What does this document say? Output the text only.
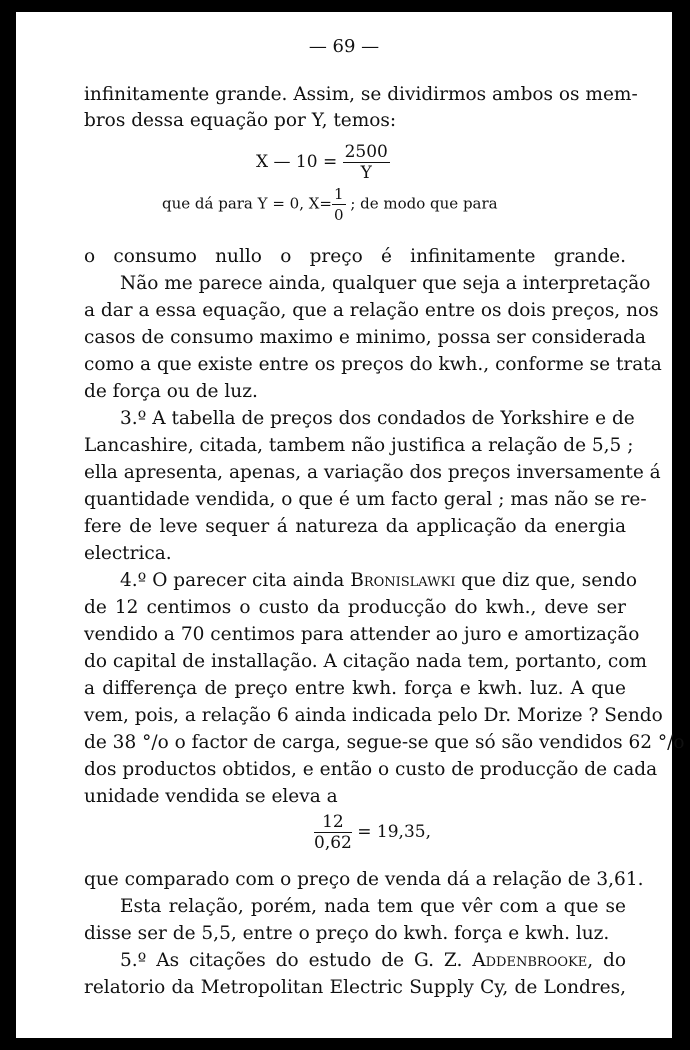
— 69 —
infinitamente grande. Assim, se dividirmos ambos os mem-
bros dessa equação por Y, temos:
X — $10 = \frac{2500}{Y}$
que dá para Y = 0, $X= \frac{1}{0}$ ; de modo que para
o consumo nullo o preço é infinitamente grande.
Não me parece ainda, qualquer que seja a interpretação
a dar a essa equação, que a relação entre os dois preços, nos
casos de consumo maximo e minimo, possa ser considerada
como a que existe entre os preços do kwh., conforme se trata
de força ou de luz.
3.º A tabella de preços dos condados de Yorkshire e de
Lancashire, citada, tambem não justifica a relação de 5,5 ;
ella apresenta, apenas, a variação dos preços inversamente á
quantidade vendida, o que é um facto geral ; mas não se re-
fere de leve sequer á natureza da applicação da energia
electrica.
4.º O parecer cita ainda Bronislawki que diz que, sendo
de 12 centimos o custo da producção do kwh., deve ser
vendido a 70 centimos para attender ao juro e amortização
do capital de installação. A citação nada tem, portanto, com
a differença de preço entre kwh. força e kwh. luz. A que
vem, pois, a relação 6 ainda indicada pelo Dr. Morize ? Sendo
de 38 °/o o factor de carga, segue-se que só são vendidos 62 °/o
dos productos obtidos, e então o custo de producção de cada
unidade vendida se eleva a
$\frac{12}{0,62} = 19,35$,
que comparado com o preço de venda dá a relação de 3,61.
Esta relação, porém, nada tem que vêr com a que se
disse ser de 5,5, entre o preço do kwh. força e kwh. luz.
5.º As citações do estudo de G. Z. Addenbrooke, do
relatorio da Metropolitan Electric Supply Cy, de Londres,
